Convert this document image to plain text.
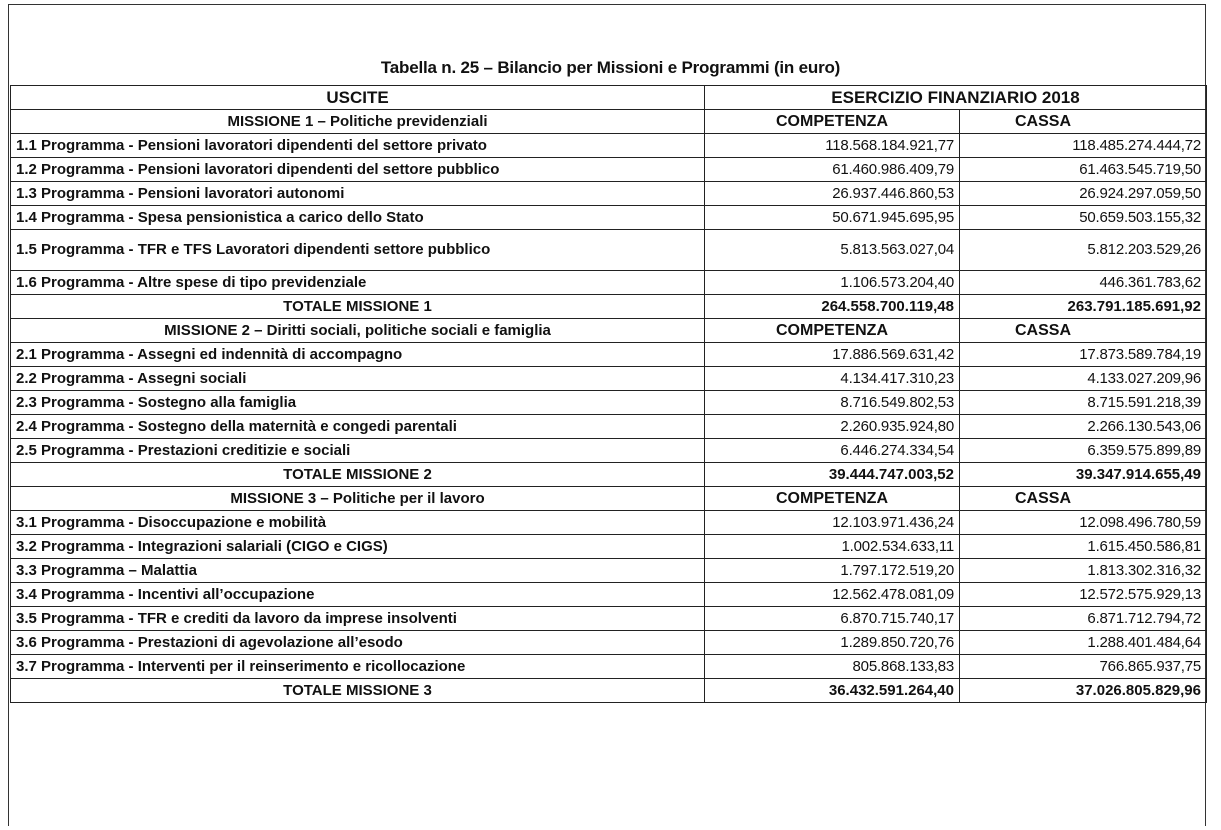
Tabella n. 25 – Bilancio per Missioni e Programmi (in euro)
USCITE	ESERCIZIO FINANZIARIO 2018	
MISSIONE 1 – Politiche previdenziali	COMPETENZA	CASSA
1.1 Programma - Pensioni lavoratori dipendenti del settore privato	118.568.184.921,77	118.485.274.444,72
1.2 Programma - Pensioni lavoratori dipendenti del settore pubblico	61.460.986.409,79	61.463.545.719,50
1.3 Programma - Pensioni lavoratori autonomi	26.937.446.860,53	26.924.297.059,50
1.4 Programma - Spesa pensionistica a carico dello Stato	50.671.945.695,95	50.659.503.155,32
1.5 Programma - TFR e TFS Lavoratori dipendenti settore pubblico	5.813.563.027,04	5.812.203.529,26
1.6 Programma - Altre spese di tipo previdenziale	1.106.573.204,40	446.361.783,62
TOTALE MISSIONE 1	264.558.700.119,48	263.791.185.691,92
MISSIONE 2 – Diritti sociali, politiche sociali e famiglia	COMPETENZA	CASSA
2.1 Programma - Assegni ed indennità di accompagno	17.886.569.631,42	17.873.589.784,19
2.2 Programma - Assegni sociali	4.134.417.310,23	4.133.027.209,96
2.3 Programma - Sostegno alla famiglia	8.716.549.802,53	8.715.591.218,39
2.4 Programma - Sostegno della maternità e congedi parentali	2.260.935.924,80	2.266.130.543,06
2.5 Programma - Prestazioni creditizie e sociali	6.446.274.334,54	6.359.575.899,89
TOTALE MISSIONE 2	39.444.747.003,52	39.347.914.655,49
MISSIONE 3 – Politiche per il lavoro	COMPETENZA	CASSA
3.1 Programma - Disoccupazione e mobilità	12.103.971.436,24	12.098.496.780,59
3.2 Programma - Integrazioni salariali (CIGO e CIGS)	1.002.534.633,11	1.615.450.586,81
3.3 Programma – Malattia	1.797.172.519,20	1.813.302.316,32
3.4 Programma - Incentivi all’occupazione	12.562.478.081,09	12.572.575.929,13
3.5 Programma - TFR e crediti da lavoro da imprese insolventi	6.870.715.740,17	6.871.712.794,72
3.6 Programma - Prestazioni di agevolazione all’esodo	1.289.850.720,76	1.288.401.484,64
3.7 Programma - Interventi per il reinserimento e ricollocazione	805.868.133,83	766.865.937,75
TOTALE MISSIONE 3	36.432.591.264,40	37.026.805.829,96
